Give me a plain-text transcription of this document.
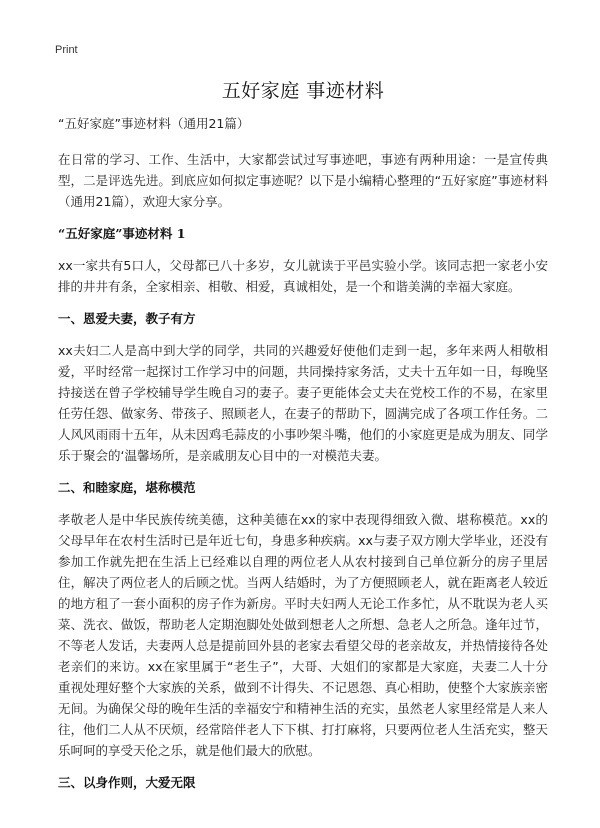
Print
五好家庭 事迹材料
“五好家庭”事迹材料（通用21篇）

在日常的学习、工作、生活中，大家都尝试过写事迹吧，事迹有两种用途：一是宣传典型，二是评选先进。到底应如何拟定事迹呢？以下是小编精心整理的“五好家庭”事迹材料（通用21篇），欢迎大家分享。

“五好家庭”事迹材料 1

xx一家共有5口人，父母都已八十多岁，女儿就读于平邑实验小学。该同志把一家老小安排的井井有条，全家相亲、相敬、相爱，真诚相处，是一个和谐美满的幸福大家庭。

一、恩爱夫妻，教子有方

xx夫妇二人是高中到大学的同学，共同的兴趣爱好使他们走到一起，多年来两人相敬相爱，平时经常一起探讨工作学习中的问题，共同操持家务活，丈夫十五年如一日，每晚坚持接送在曾子学校辅导学生晚自习的妻子。妻子更能体会丈夫在党校工作的不易，在家里任劳任怨、做家务、带孩子、照顾老人，在妻子的帮助下，圆满完成了各项工作任务。二人风风雨雨十五年，从未因鸡毛蒜皮的小事吵架斗嘴，他们的小家庭更是成为朋友、同学乐于聚会的‘温馨场所，是亲戚朋友心目中的一对模范夫妻。

二、和睦家庭，堪称模范

孝敬老人是中华民族传统美德，这种美德在xx的家中表现得细致入微、堪称模范。xx的父母早年在农村生活时已是年近七旬，身患多种疾病。xx与妻子双方刚大学毕业，还没有参加工作就先把在生活上已经难以自理的两位老人从农村接到自己单位新分的房子里居住，解决了两位老人的后顾之忧。当两人结婚时，为了方便照顾老人，就在距离老人较近的地方租了一套小面积的房子作为新房。平时夫妇两人无论工作多忙，从不耽误为老人买菜、洗衣、做饭，帮助老人定期泡脚处处做到想老人之所想、急老人之所急。逢年过节，不等老人发话，夫妻两人总是提前回外县的老家去看望父母的老亲故友，并热情接待各处老亲们的来访。xx在家里属于“老生子”，大哥、大姐们的家都是大家庭，夫妻二人十分重视处理好整个大家族的关系，做到不计得失、不记恩怨、真心相助，使整个大家族亲密无间。为确保父母的晚年生活的幸福安宁和精神生活的充实，虽然老人家里经常是人来人往，他们二人从不厌烦，经常陪伴老人下下棋、打打麻将，只要两位老人生活充实，整天乐呵呵的享受天伦之乐，就是他们最大的欣慰。

三、以身作则，大爱无限
